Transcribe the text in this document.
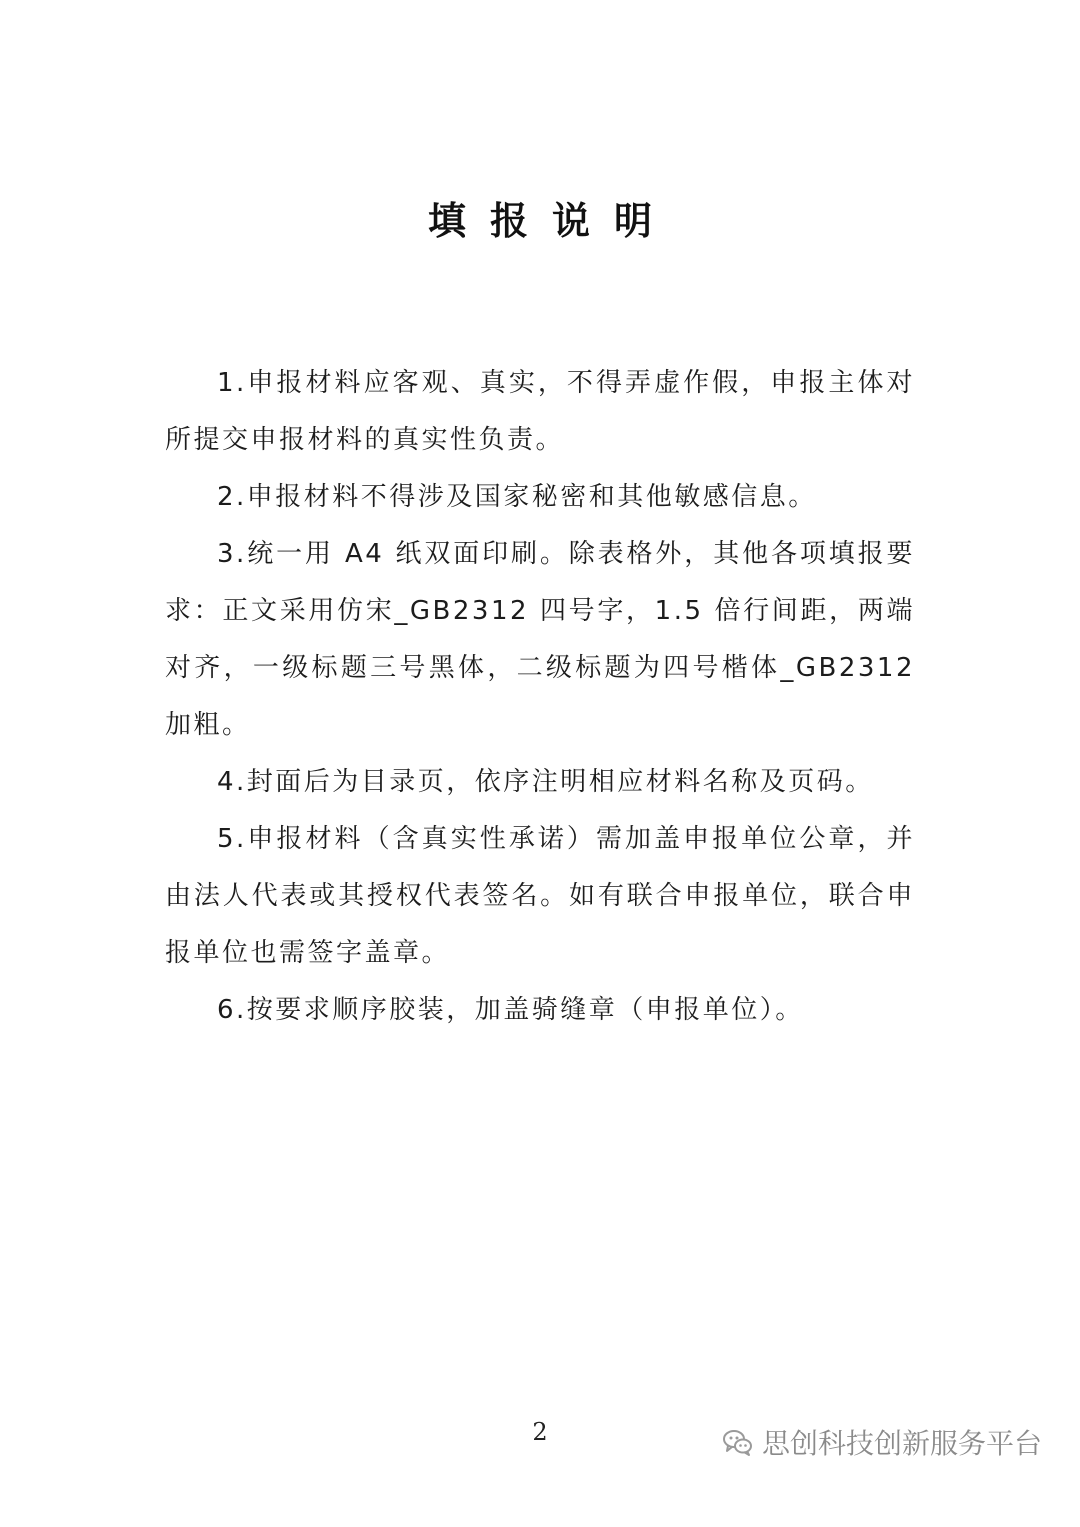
填报说明

1.申报材料应客观、真实，不得弄虚作假，申报主体对所提交申报材料的真实性负责。

2.申报材料不得涉及国家秘密和其他敏感信息。

3.统一用 A4 纸双面印刷。除表格外，其他各项填报要求：正文采用仿宋_GB2312 四号字，1.5 倍行间距，两端对齐，一级标题三号黑体，二级标题为四号楷体_GB2312 加粗。

4.封面后为目录页，依序注明相应材料名称及页码。

5.申报材料（含真实性承诺）需加盖申报单位公章，并由法人代表或其授权代表签名。如有联合申报单位，联合申报单位也需签字盖章。

6.按要求顺序胶装，加盖骑缝章（申报单位）。

2	思创科技创新服务平台
